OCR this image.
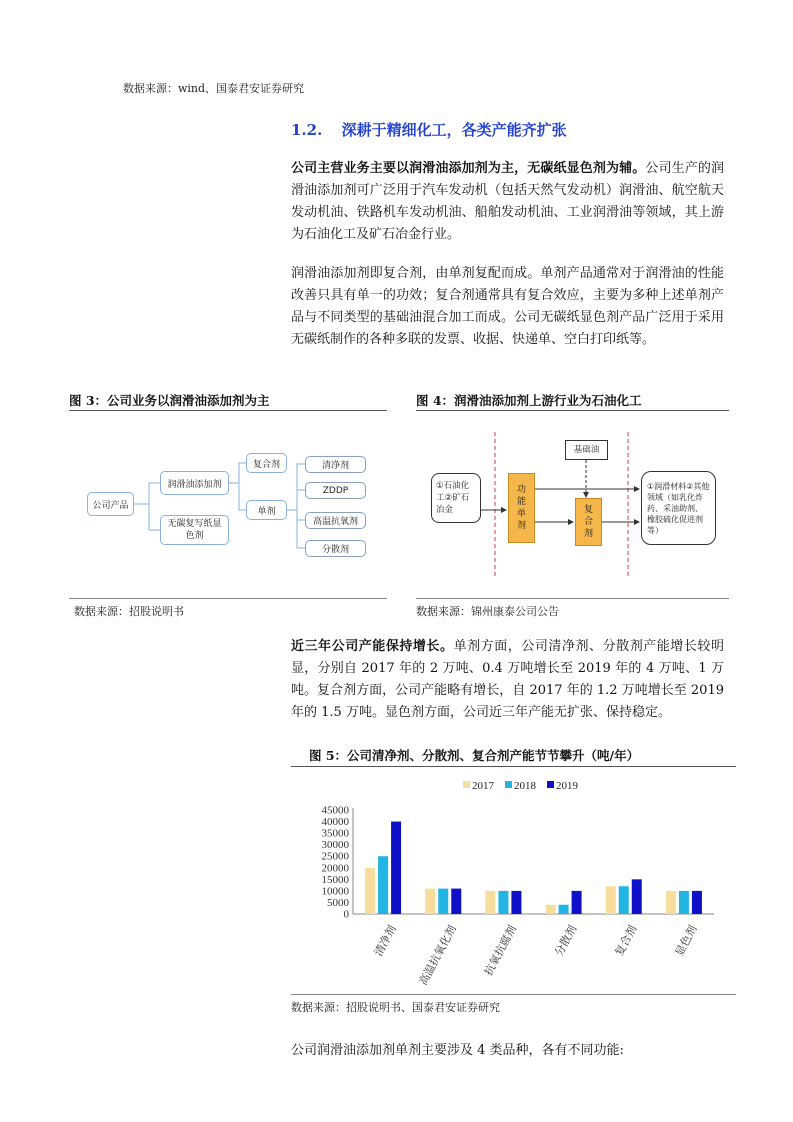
数据来源：wind、国泰君安证券研究
1.2. 深耕于精细化工，各类产能齐扩张
公司主营业务主要以润滑油添加剂为主，无碳纸显色剂为辅。公司生产的润滑油添加剂可广泛用于汽车发动机（包括天然气发动机）润滑油、航空航天发动机油、铁路机车发动机油、船舶发动机油、工业润滑油等领域，其上游为石油化工及矿石冶金行业。
润滑油添加剂即复合剂，由单剂复配而成。单剂产品通常对于润滑油的性能改善只具有单一的功效；复合剂通常具有复合效应，主要为多种上述单剂产品与不同类型的基础油混合加工而成。公司无碳纸显色剂产品广泛用于采用无碳纸制作的各种多联的发票、收据、快递单、空白打印纸等。
图 3：公司业务以润滑油添加剂为主
公司产品
润滑油添加剂
无碳复写纸显色剂
复合剂
单剂
清净剂
ZDDP
高温抗氧剂
分散剂
数据来源：招股说明书
图 4：润滑油添加剂上游行业为石油化工
①石油化工②矿石冶金
功能单剂
基础油
复合剂
①润滑材料②其他领域（如乳化炸药、采油助剂、橡胶硫化促进剂等）
数据来源：锦州康泰公司公告
近三年公司产能保持增长。单剂方面，公司清净剂、分散剂产能增长较明显，分别自 2017 年的 2 万吨、0.4 万吨增长至 2019 年的 4 万吨、1 万吨。复合剂方面，公司产能略有增长，自 2017 年的 1.2 万吨增长至 2019 年的 1.5 万吨。显色剂方面，公司近三年产能无扩张、保持稳定。
图 5：公司清净剂、分散剂、复合剂产能节节攀升（吨/年）
2017 2018 2019
0
5000
10000
15000
20000
25000
30000
35000
40000
45000
清净剂 高温抗氧化剂 抗氧抗腐剂	分散剂	复合剂	显色剂
数据来源：招股说明书、国泰君安证券研究
公司润滑油添加剂单剂主要涉及 4 类品种，各有不同功能:
